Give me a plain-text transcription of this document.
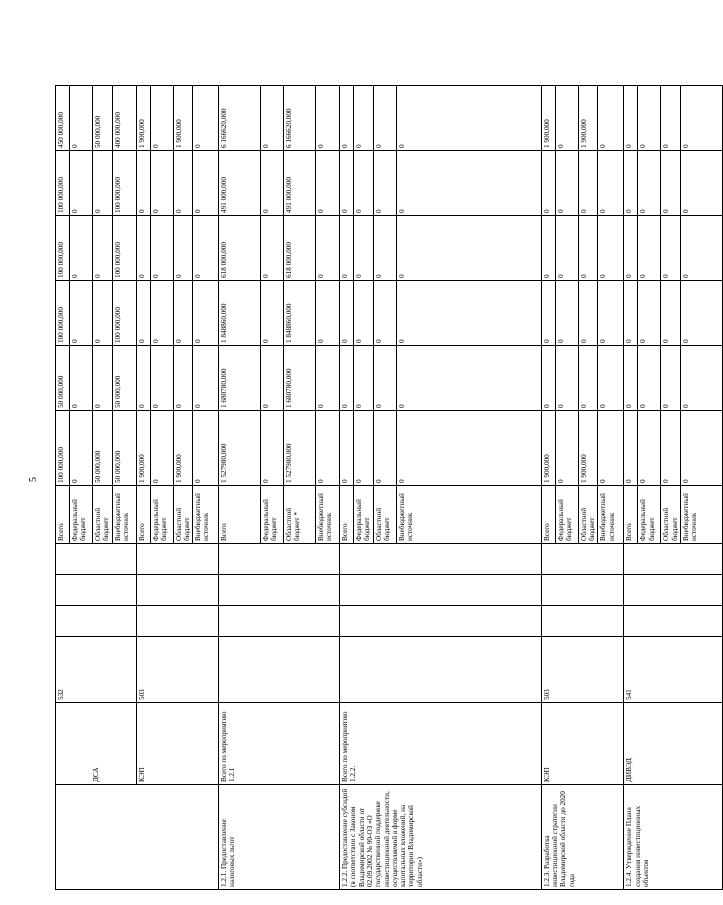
5
	ДСА	532				Всего	100 000,000	50 000,000	100 000,000	100 000,000	100 000,000	450 000,000
						Федеральный бюджет	0	0	0	0	0	0
						Областной бюджет	50 000,000	0	0	0	0	50 000,000
						Внебюджетный источник	50 000,000	50 000,000	100 000,000	100 000,000	100 000,000	400 000,000
	КЭП	503				Всего	1 900,000	0	0	0	0	1 900,000
						Федеральный бюджет	0	0	0	0	0	0
						Областной бюджет	1 900,000	0	0	0	0	1 900,000
						Внебюджетный источник	0	0	0	0	0	0
1.2.1. Предоставление налоговых льгот	Всего по мероприятию 1.2.1					Всего	1 527980,000	1 680780,000	1 848860,000	618 000,000	491 000,000	6 166620,000
						Федеральный бюджет	0	0	0	0	0	0
						Областной бюджет *	1 527980,000	1 680780,000	1 848860,000	618 000,000	491 000,000	6 166620,000
						Внебюджетный источник	0	0	0	0	0	0
1.2.2. Предоставление субсидий (в соответствии с Законом Владимирской области от 02.09.2002 № 90-ОЗ «О государственной поддержке инвестиционной деятельности, осуществляемой в форме капитальных вложений, на территории Владимирской области»)	Всего по мероприятию 1.2.2.					Всего	0	0	0	0	0	0
						Федеральный бюджет	0	0	0	0	0	0
						Областной бюджет	0	0	0	0	0	0
						Внебюджетный источник	0	0	0	0	0	0
1.2.3. Разработка инвестиционной стратегии Владимирской области до 2020 года	КЭП	503				Всего	1 900,000	0	0	0	0	1 900,000
						Федеральный бюджет	0	0	0	0	0	0
						Областной бюджет	1 900,000	0	0	0	0	1 900,000
						Внебюджетный источник	0	0	0	0	0	0
1.2.4. Утверждение Плана создания инвестиционных объектов	ДИВЭД	541				Всего	0	0	0	0	0	0
						Федеральный бюджет	0	0	0	0	0	0
						Областной бюджет	0	0	0	0	0	0
						Внебюджетный источник	0	0	0	0	0	0
